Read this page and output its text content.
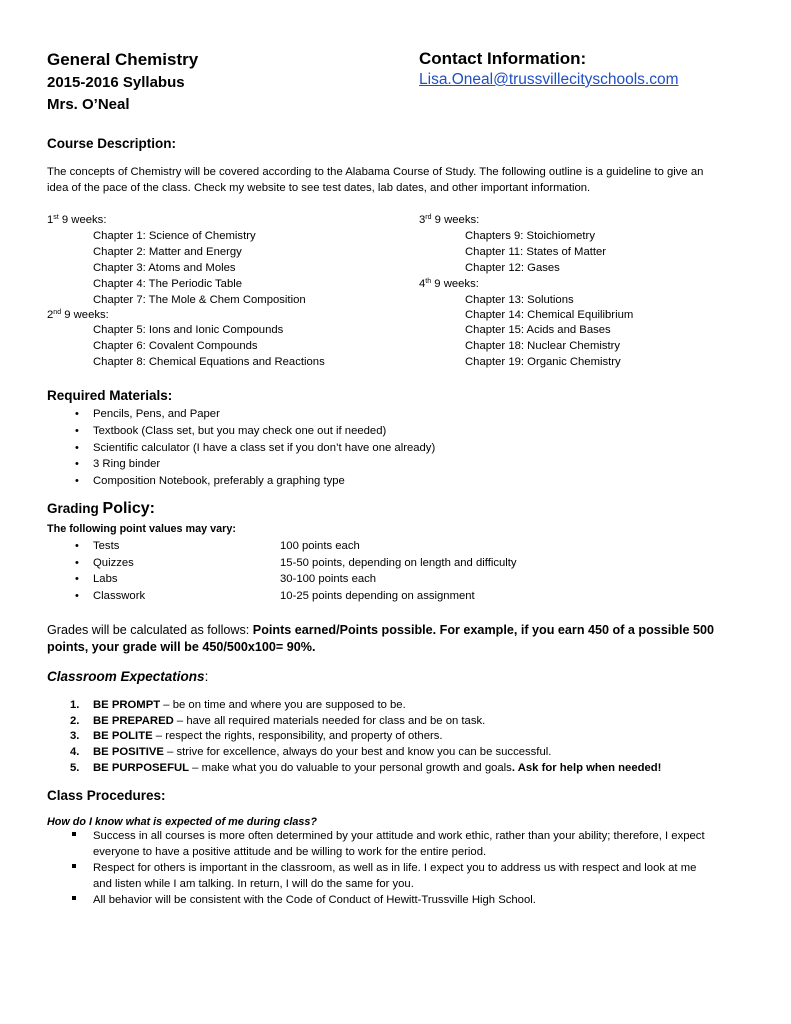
General Chemistry
2015-2016 Syllabus
Mrs. O’Neal
Contact Information:
Lisa.Oneal@trussvillecityschools.com
Course Description:
The concepts of Chemistry will be covered according to the Alabama Course of Study. The following outline is a guideline to give an
idea of the pace of the class. Check my website to see test dates, lab dates, and other important information.
1st 9 weeks:
Chapter 1: Science of Chemistry
Chapter 2: Matter and Energy
Chapter 3: Atoms and Moles
Chapter 4: The Periodic Table
Chapter 7: The Mole & Chem Composition
2nd 9 weeks:
Chapter 5: Ions and Ionic Compounds
Chapter 6: Covalent Compounds
Chapter 8: Chemical Equations and Reactions
3rd 9 weeks:
Chapters 9: Stoichiometry
Chapter 11: States of Matter
Chapter 12: Gases
4th 9 weeks:
Chapter 13: Solutions
Chapter 14: Chemical Equilibrium
Chapter 15: Acids and Bases
Chapter 18: Nuclear Chemistry
Chapter 19: Organic Chemistry
Required Materials:
• Pencils, Pens, and Paper
• Textbook (Class set, but you may check one out if needed)
• Scientific calculator (I have a class set if you don’t have one already)
• 3 Ring binder
• Composition Notebook, preferably a graphing type
Grading Policy:
The following point values may vary:
• Tests	100 points each
• Quizzes	15-50 points, depending on length and difficulty
• Labs	30-100 points each
• Classwork	10-25 points depending on assignment
Grades will be calculated as follows: Points earned/Points possible. For example, if you earn 450 of a possible 500
points, your grade will be 450/500x100= 90%.
Classroom Expectations:
1. BE PROMPT – be on time and where you are supposed to be.
2. BE PREPARED – have all required materials needed for class and be on task.
3. BE POLITE – respect the rights, responsibility, and property of others.
4. BE POSITIVE – strive for excellence, always do your best and know you can be successful.
5. BE PURPOSEFUL – make what you do valuable to your personal growth and goals. Ask for help when needed!
Class Procedures:
How do I know what is expected of me during class?
Success in all courses is more often determined by your attitude and work ethic, rather than your ability; therefore, I expect
everyone to have a positive attitude and be willing to work for the entire period.
Respect for others is important in the classroom, as well as in life. I expect you to address us with respect and look at me
and listen while I am talking. In return, I will do the same for you.
All behavior will be consistent with the Code of Conduct of Hewitt-Trussville High School.
